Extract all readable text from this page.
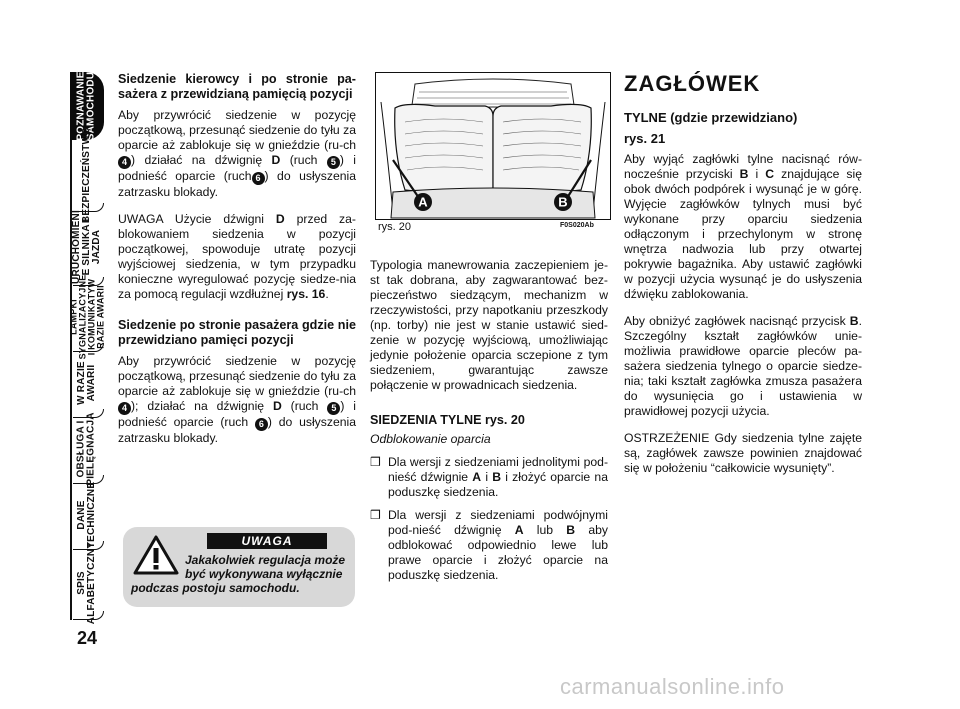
POZNAWANIE
SAMOCHODU
BEZPIECZEŃSTWO
URUCHOMIENI
E SILNIKA I
JAZDA
LAMPKI
SYGNALIZACYJNE
I KOMUNIKATYW
RAZIE AWARII
W RAZIE
AWARII
OBSŁUGA I
PIELĘGNACJA
DANE
TECHNICZNE
SPIS
ALFABETYCZNY
24
Siedzenie kierowcy i po stronie pa-sażera z przewidzianą pamięcią pozycji

Aby przywrócić siedzenie w pozycję początkową, przesunąć siedzenie do tyłu za oparcie aż zablokuje się w gnieździe (ru-ch 4 ) działać na dźwignię D (ruch 5 ) i podnieść oparcie (ruch 6 ) do usłyszenia zatrzasku blokady.

UWAGA Użycie dźwigni D przed za-blokowaniem siedzenia w pozycji początkowej, spowoduje utratę pozycji wyjściowej siedzenia, w tym przypadku konieczne wyregulować pozycję siedze-nia za pomocą regulacji wzdłużnej rys. 16.

Siedzenie po stronie pasażera gdzie nie przewidziano pamięci pozycji

Aby przywrócić siedzenie w pozycję początkową, przesunąć siedzenie do tyłu za oparcie aż zablokuje się w gnieździe (ru-ch 4 ); działać na dźwignię D (ruch 5 ) i podnieść oparcie (ruch 6 ) do usłyszenia zatrzasku blokady.

UWAGA
Jakakolwiek regulacja może
być wykonywana wyłącznie
podczas postoju samochodu.
A	B
rys. 20	F0S020Ab

Typologia manewrowania zaczepieniem je-st tak dobrana, aby zagwarantować bez-pieczeństwo siedzącym, mechanizm w rzeczywistości, przy napotkaniu przeszkody (np. torby) nie jest w stanie ustawić sied-zenie w pozycję wyjściową, umożliwiając jedynie położenie oparcia sczepione z tym siedzeniem, gwarantując zawsze połączenie w prowadnicach siedzenia.

SIEDZENIA TYLNE rys. 20

Odblokowanie oparcia

❒ Dla wersji z siedzeniami jednolitymi pod-nieść dźwignie A i B i złożyć oparcie na poduszkę siedzenia.
❒ Dla wersji z siedzeniami podwójnymi pod-nieść dźwignię A lub B aby odblokować odpowiednio lewe lub prawe oparcie i złożyć oparcie na poduszkę siedzenia.
ZAGŁÓWEK
TYLNE (gdzie przewidziano)
rys. 21

Aby wyjąć zagłówki tylne nacisnąć rów-nocześnie przyciski B i C znajdujące się obok dwóch podpórek i wysunąć je w górę. Wyjęcie zagłówków tylnych musi być wykonane przy oparciu siedzenia odłączonym i przechylonym w stronę wnętrza nadwozia lub przy otwartej pokrywie bagażnika. Aby ustawić zagłówki w pozycji użycia wysunąć je do usłyszenia dźwięku zablokowania.

Aby obniżyć zagłówek nacisnąć przycisk B. Szczególny kształt zagłówków unie-możliwia prawidłowe oparcie pleców pa-sażera siedzenia tylnego o oparcie siedze-nia; taki kształt zagłówka zmusza pasażera do wysunięcia go i ustawienia w prawidłowej pozycji użycia.

OSTRZEŻENIE Gdy siedzenia tylne zajęte są, zagłówek zawsze powinien znajdować się w położeniu “całkowicie wysunięty”.

carmanualsonline.info
